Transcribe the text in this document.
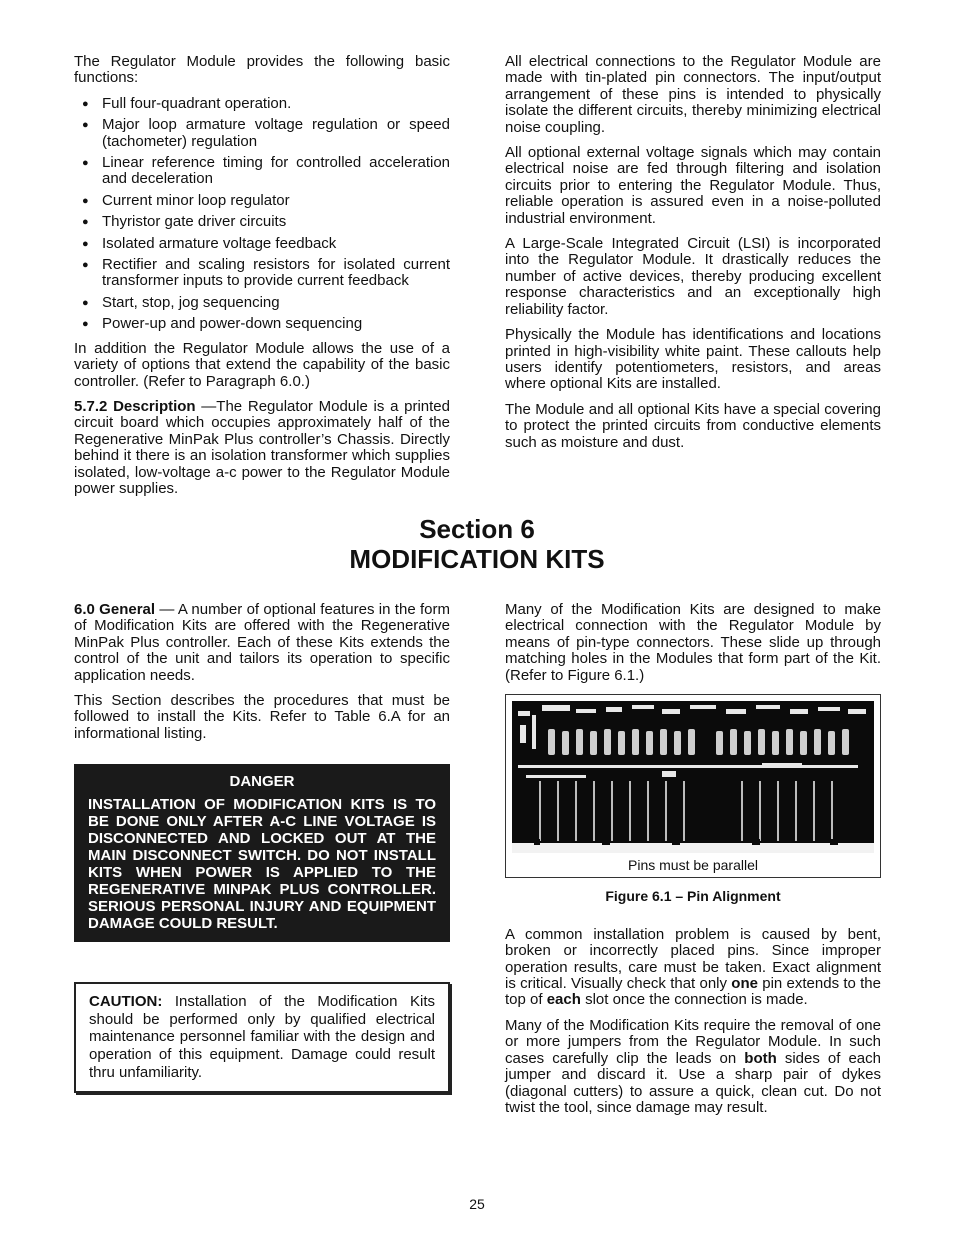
The Regulator Module provides the following basic functions:

● Full four-quadrant operation.
● Major loop armature voltage regulation or speed (tachometer) regulation
● Linear reference timing for controlled acceleration and deceleration
● Current minor loop regulator
● Thyristor gate driver circuits
● Isolated armature voltage feedback
● Rectifier and scaling resistors for isolated current transformer inputs to provide current feedback
● Start, stop, jog sequencing
● Power-up and power-down sequencing

In addition the Regulator Module allows the use of a variety of options that extend the capability of the basic controller. (Refer to Paragraph 6.0.)

5.7.2 Description —The Regulator Module is a printed circuit board which occupies approximately half of the Regenerative MinPak Plus controller’s Chassis. Directly behind it there is an isolation transformer which supplies isolated, low-voltage a-c power to the Regulator Module power supplies.

All electrical connections to the Regulator Module are made with tin-plated pin connectors. The input/output arrangement of these pins is intended to physically isolate the different circuits, thereby minimizing electrical noise coupling.

All optional external voltage signals which may contain electrical noise are fed through filtering and isolation circuits prior to entering the Regulator Module. Thus, reliable operation is assured even in a noise-polluted industrial environment.

A Large-Scale Integrated Circuit (LSI) is incorporated into the Regulator Module. It drastically reduces the number of active devices, thereby producing excellent response characteristics and an exceptionally high reliability factor.

Physically the Module has identifications and locations printed in high-visibility white paint. These callouts help users identify potentiometers, resistors, and areas where optional Kits are installed.

The Module and all optional Kits have a special covering to protect the printed circuits from conductive elements such as moisture and dust.

Section 6
MODIFICATION KITS

6.0 General — A number of optional features in the form of Modification Kits are offered with the Regenerative MinPak Plus controller. Each of these Kits extends the control of the unit and tailors its operation to specific application needs.

This Section describes the procedures that must be followed to install the Kits. Refer to Table 6.A for an informational listing.

DANGER
INSTALLATION OF MODIFICATION KITS IS TO BE DONE ONLY AFTER A-C LINE VOLTAGE IS DISCONNECTED AND LOCKED OUT AT THE MAIN DISCONNECT SWITCH. DO NOT INSTALL KITS WHEN POWER IS APPLIED TO THE REGENERATIVE MINPAK PLUS CONTROLLER. SERIOUS PERSONAL INJURY AND EQUIPMENT DAMAGE COULD RESULT.
CAUTION: Installation of the Modification Kits should be performed only by qualified electrical maintenance personnel familiar with the design and operation of this equipment. Damage could result thru unfamiliarity.

Many of the Modification Kits are designed to make electrical connection with the Regulator Module by means of pin-type connectors. These slide up through matching holes in the Modules that form part of the Kit. (Refer to Figure 6.1.)

Pins must be parallel
Figure 6.1 – Pin Alignment

A common installation problem is caused by bent, broken or incorrectly placed pins. Since improper operation results, care must be taken. Exact alignment is critical. Visually check that only one pin extends to the top of each slot once the connection is made.

Many of the Modification Kits require the removal of one or more jumpers from the Regulator Module. In such cases carefully clip the leads on both sides of each jumper and discard it. Use a sharp pair of dykes (diagonal cutters) to assure a quick, clean cut. Do not twist the tool, since damage may result.

25
